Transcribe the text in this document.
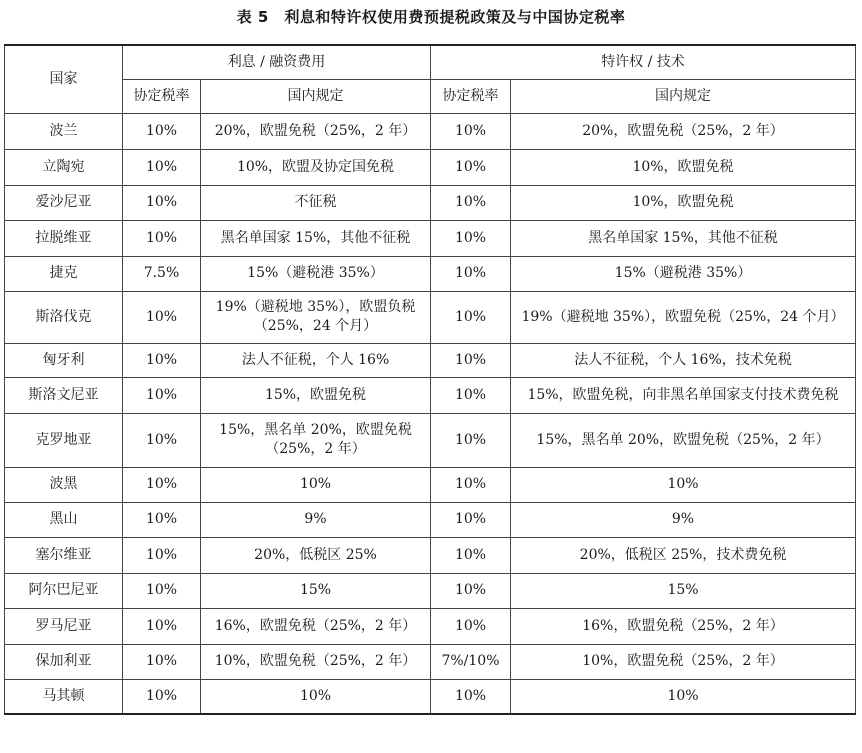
表 5　利息和特许权使用费预提税政策及与中国协定税率
国家	利息 / 融资费用		特许权 / 技术	
	协定税率	国内规定	协定税率	国内规定
波兰	10%	20%，欧盟免税（25%，2 年）	10%	20%，欧盟免税（25%，2 年）
立陶宛	10%	10%，欧盟及协定国免税	10%	10%，欧盟免税
爱沙尼亚	10%	不征税	10%	10%，欧盟免税
拉脱维亚	10%	黑名单国家 15%，其他不征税	10%	黑名单国家 15%，其他不征税
捷克	7.5%	15%（避税港 35%）	10%	15%（避税港 35%）
斯洛伐克	10%	19%（避税地 35%），欧盟负税（25%，24 个月）	10%	19%（避税地 35%），欧盟免税（25%，24 个月）
匈牙利	10%	法人不征税，个人 16%	10%	法人不征税，个人 16%，技术免税
斯洛文尼亚	10%	15%，欧盟免税	10%	15%，欧盟免税，向非黑名单国家支付技术费免税
克罗地亚	10%	15%，黑名单 20%，欧盟免税（25%，2 年）	10%	15%，黑名单 20%，欧盟免税（25%，2 年）
波黑	10%	10%	10%	10%
黑山	10%	9%	10%	9%
塞尔维亚	10%	20%，低税区 25%	10%	20%，低税区 25%，技术费免税
阿尔巴尼亚	10%	15%	10%	15%
罗马尼亚	10%	16%，欧盟免税（25%，2 年）	10%	16%，欧盟免税（25%，2 年）
保加利亚	10%	10%，欧盟免税（25%，2 年）	7%/10%	10%，欧盟免税（25%，2 年）
马其顿	10%	10%	10%	10%
